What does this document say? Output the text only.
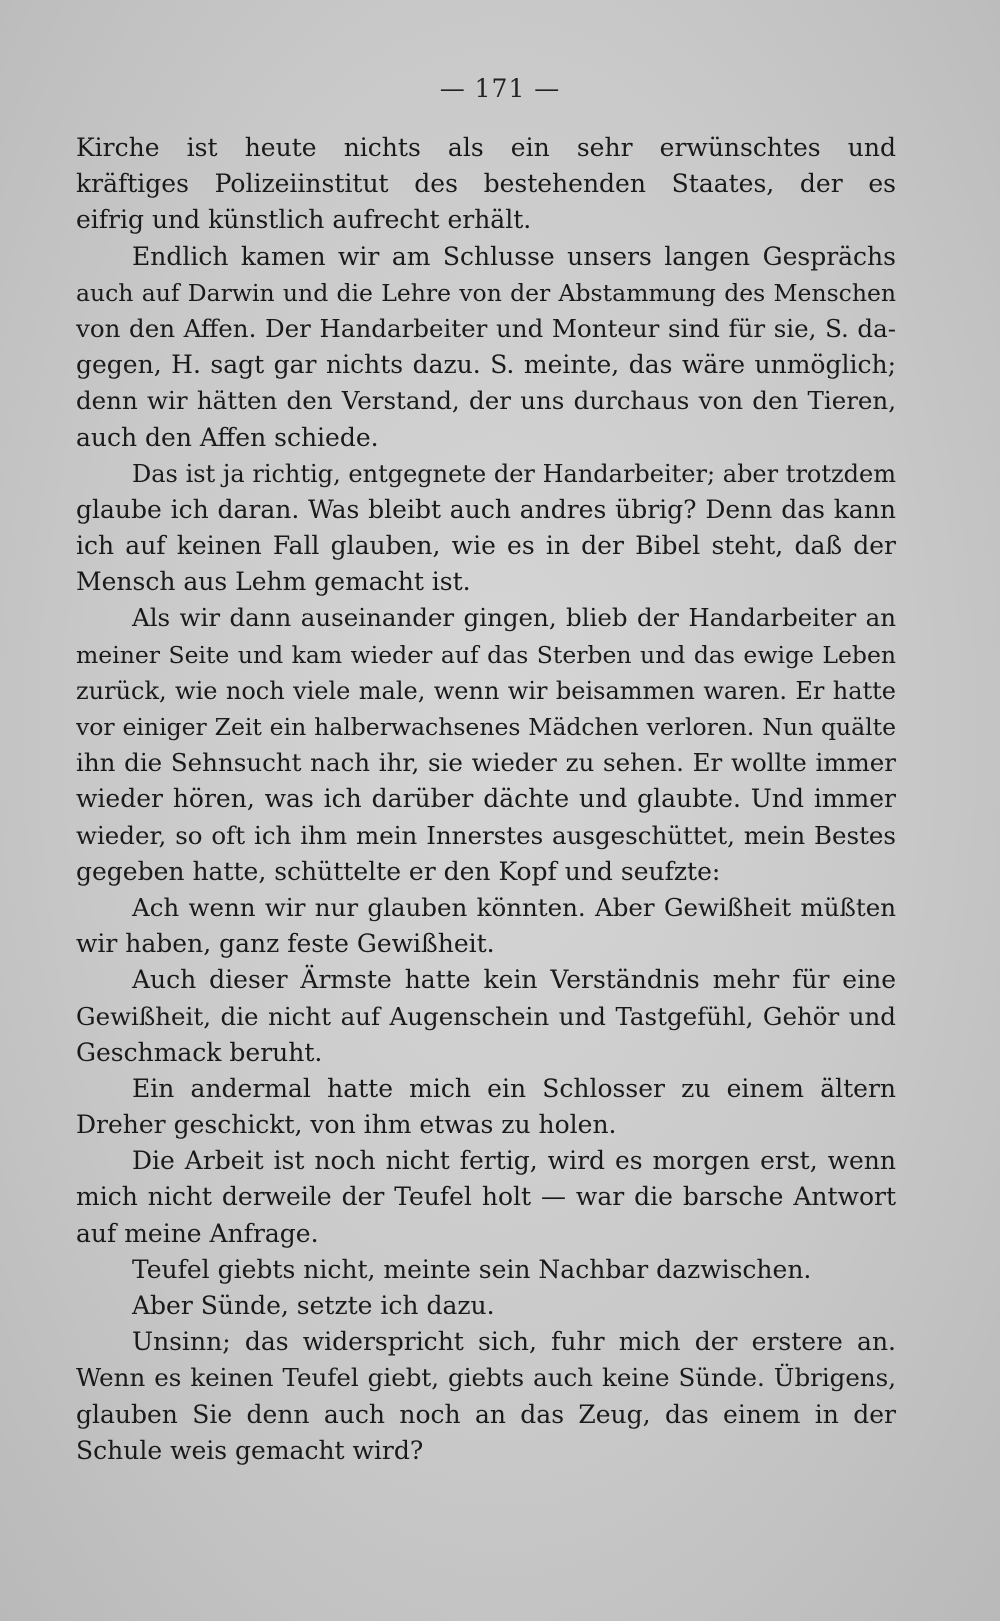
— 171 —
Kirche ist heute nichts als ein sehr erwünschtes und
kräftiges Polizeiinstitut des bestehenden Staates, der es
eifrig und künstlich aufrecht erhält.
Endlich kamen wir am Schlusse unsers langen Gesprächs
auch auf Darwin und die Lehre von der Abstammung des Menschen
von den Affen. Der Handarbeiter und Monteur sind für sie, S. da-
gegen, H. sagt gar nichts dazu. S. meinte, das wäre unmöglich;
denn wir hätten den Verstand, der uns durchaus von den Tieren,
auch den Affen schiede.
Das ist ja richtig, entgegnete der Handarbeiter; aber trotzdem
glaube ich daran. Was bleibt auch andres übrig? Denn das kann
ich auf keinen Fall glauben, wie es in der Bibel steht, daß der
Mensch aus Lehm gemacht ist.
Als wir dann auseinander gingen, blieb der Handarbeiter an
meiner Seite und kam wieder auf das Sterben und das ewige Leben
zurück, wie noch viele male, wenn wir beisammen waren. Er hatte
vor einiger Zeit ein halberwachsenes Mädchen verloren. Nun quälte
ihn die Sehnsucht nach ihr, sie wieder zu sehen. Er wollte immer
wieder hören, was ich darüber dächte und glaubte. Und immer
wieder, so oft ich ihm mein Innerstes ausgeschüttet, mein Bestes
gegeben hatte, schüttelte er den Kopf und seufzte:
Ach wenn wir nur glauben könnten. Aber Gewißheit müßten
wir haben, ganz feste Gewißheit.
Auch dieser Ärmste hatte kein Verständnis mehr für eine
Gewißheit, die nicht auf Augenschein und Tastgefühl, Gehör und
Geschmack beruht.
Ein andermal hatte mich ein Schlosser zu einem ältern
Dreher geschickt, von ihm etwas zu holen.
Die Arbeit ist noch nicht fertig, wird es morgen erst, wenn
mich nicht derweile der Teufel holt — war die barsche Antwort
auf meine Anfrage.
Teufel giebts nicht, meinte sein Nachbar dazwischen.
Aber Sünde, setzte ich dazu.
Unsinn; das widerspricht sich, fuhr mich der erstere an.
Wenn es keinen Teufel giebt, giebts auch keine Sünde. Übrigens,
glauben Sie denn auch noch an das Zeug, das einem in der
Schule weis gemacht wird?
